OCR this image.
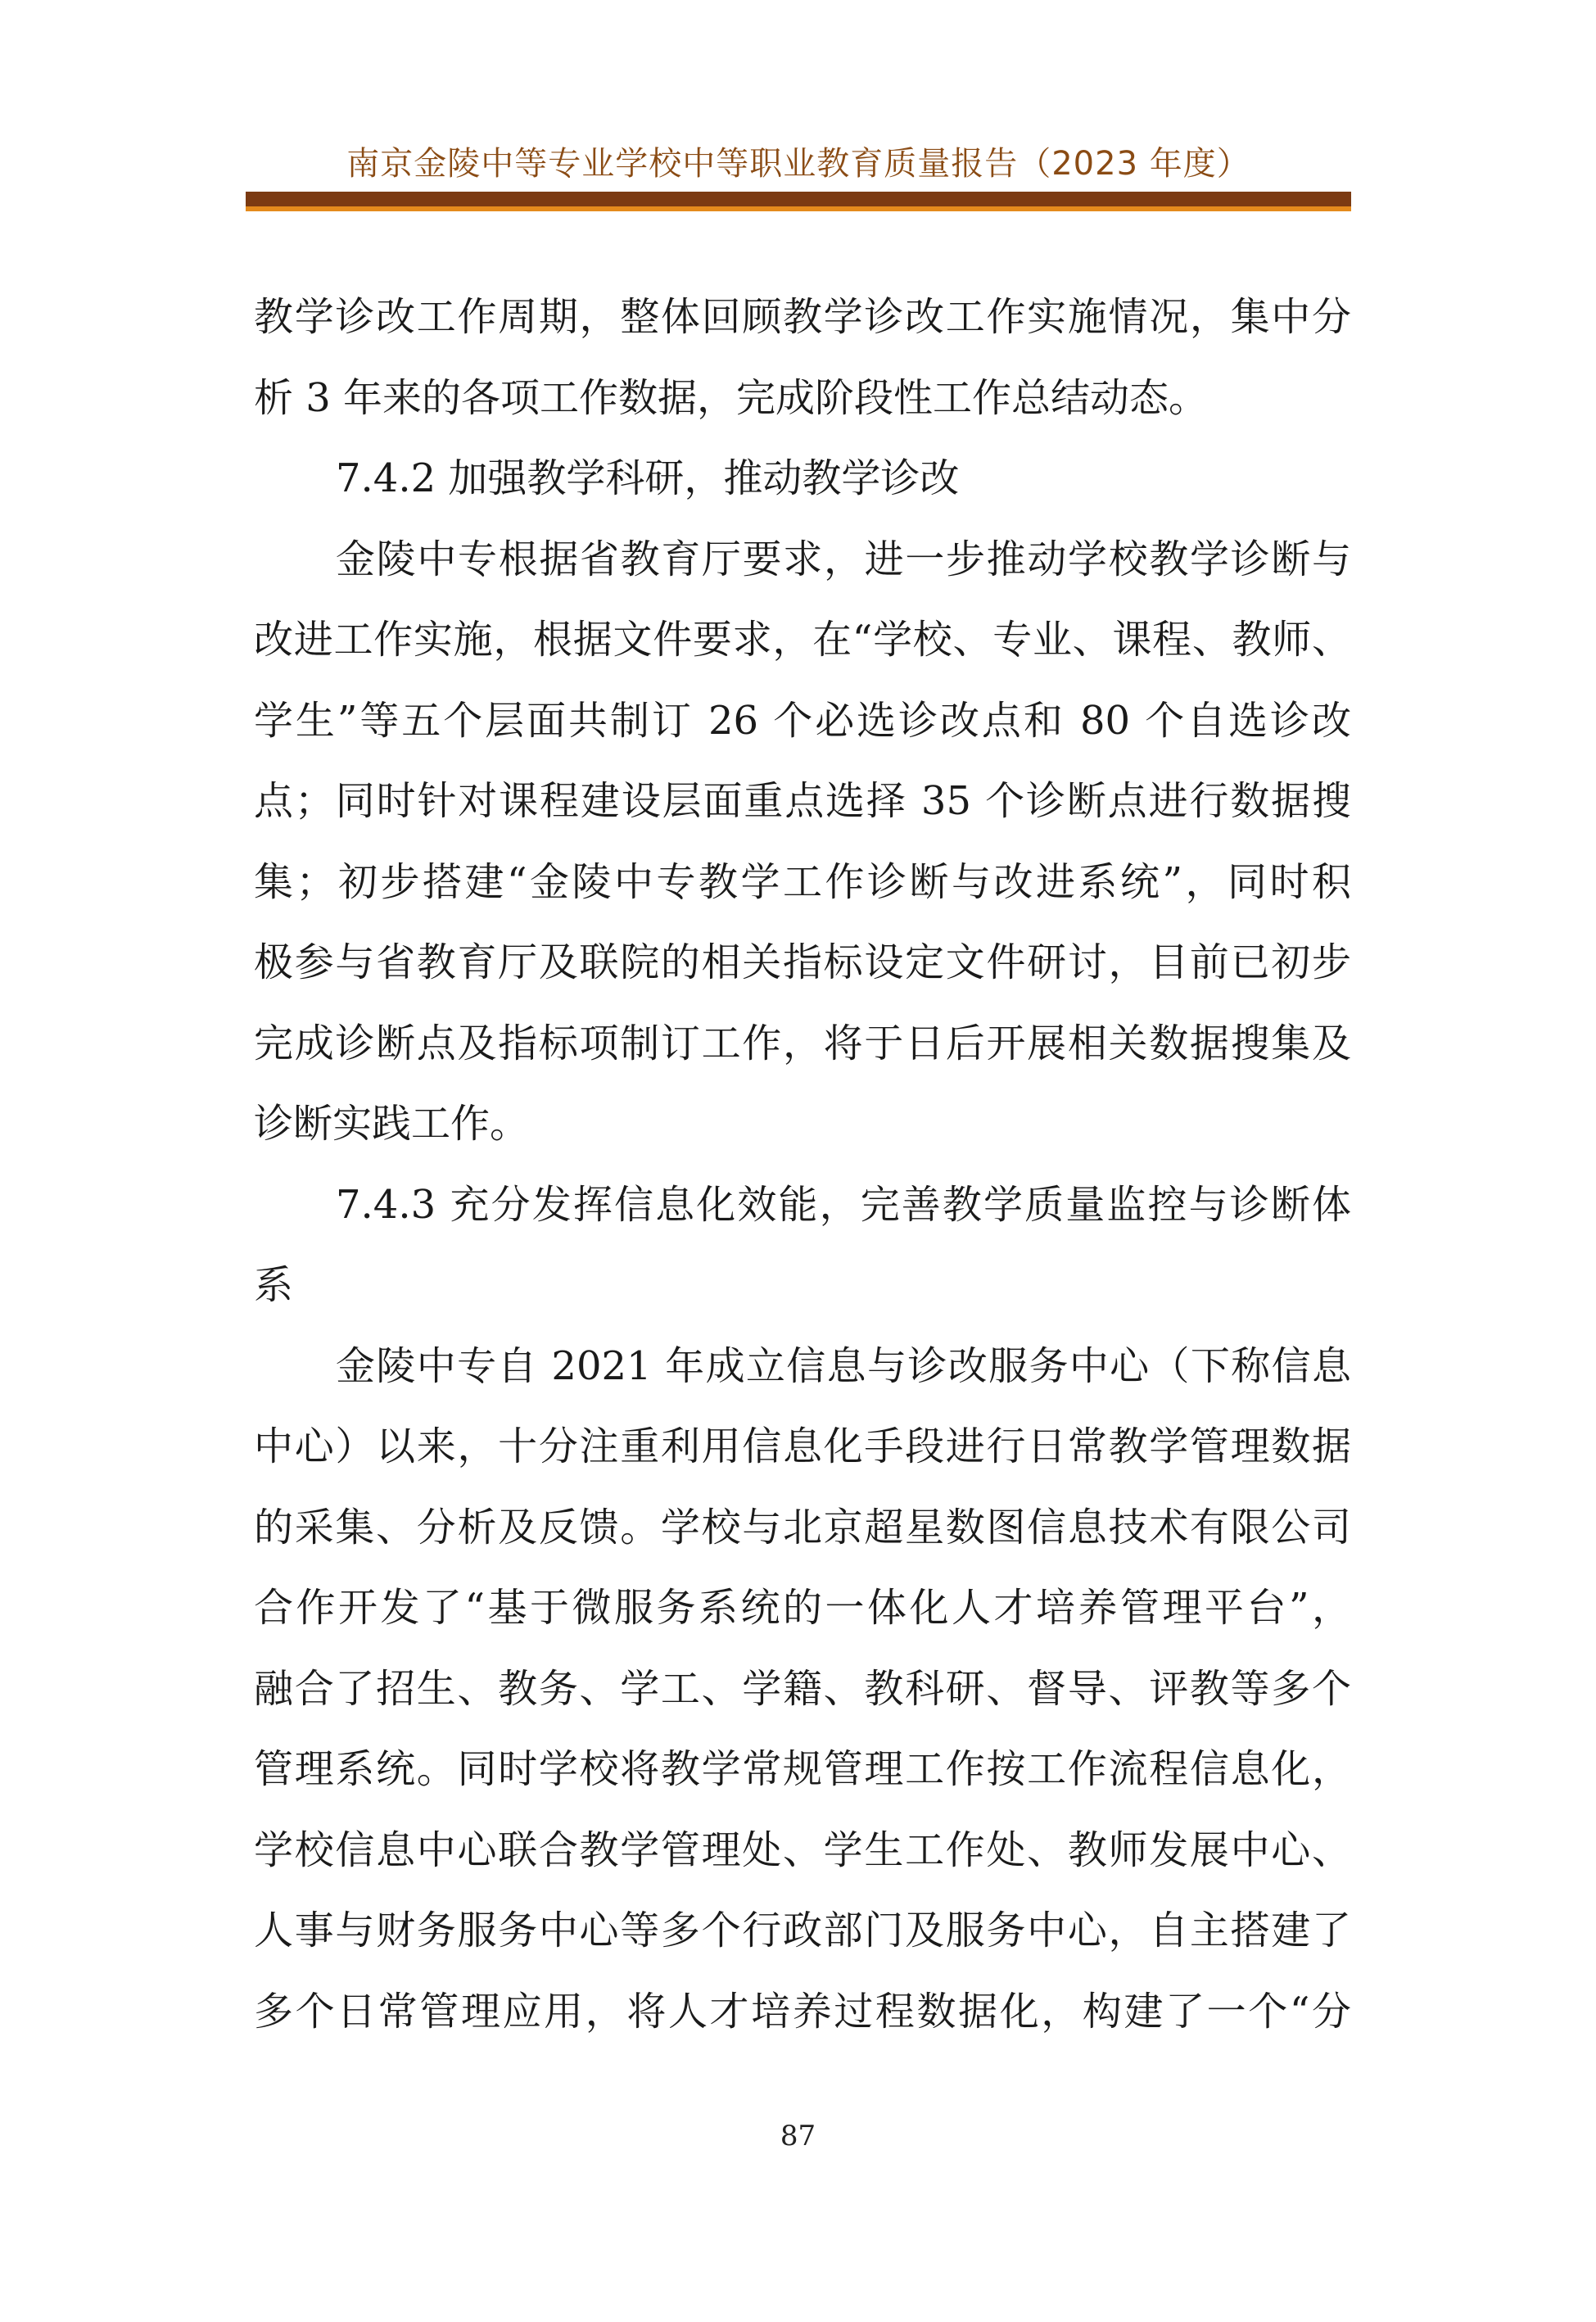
南京金陵中等专业学校中等职业教育质量报告（2023 年度）
教学诊改工作周期，整体回顾教学诊改工作实施情况，集中分
析 3 年来的各项工作数据，完成阶段性工作总结动态。
7.4.2 加强教学科研，推动教学诊改
金陵中专根据省教育厅要求，进一步推动学校教学诊断与
改进工作实施，根据文件要求，在“学校、专业、课程、教师、
学生”等五个层面共制订 26 个必选诊改点和 80 个自选诊改
点；同时针对课程建设层面重点选择 35 个诊断点进行数据搜
集；初步搭建“金陵中专教学工作诊断与改进系统”，同时积
极参与省教育厅及联院的相关指标设定文件研讨，目前已初步
完成诊断点及指标项制订工作，将于日后开展相关数据搜集及
诊断实践工作。
7.4.3 充分发挥信息化效能，完善教学质量监控与诊断体
系
金陵中专自 2021 年成立信息与诊改服务中心（下称信息
中心）以来，十分注重利用信息化手段进行日常教学管理数据
的采集、分析及反馈。学校与北京超星数图信息技术有限公司
合作开发了“基于微服务系统的一体化人才培养管理平台”，
融合了招生、教务、学工、学籍、教科研、督导、评教等多个
管理系统。同时学校将教学常规管理工作按工作流程信息化，
学校信息中心联合教学管理处、学生工作处、教师发展中心、
人事与财务服务中心等多个行政部门及服务中心，自主搭建了
多个日常管理应用，将人才培养过程数据化，构建了一个“分
87
